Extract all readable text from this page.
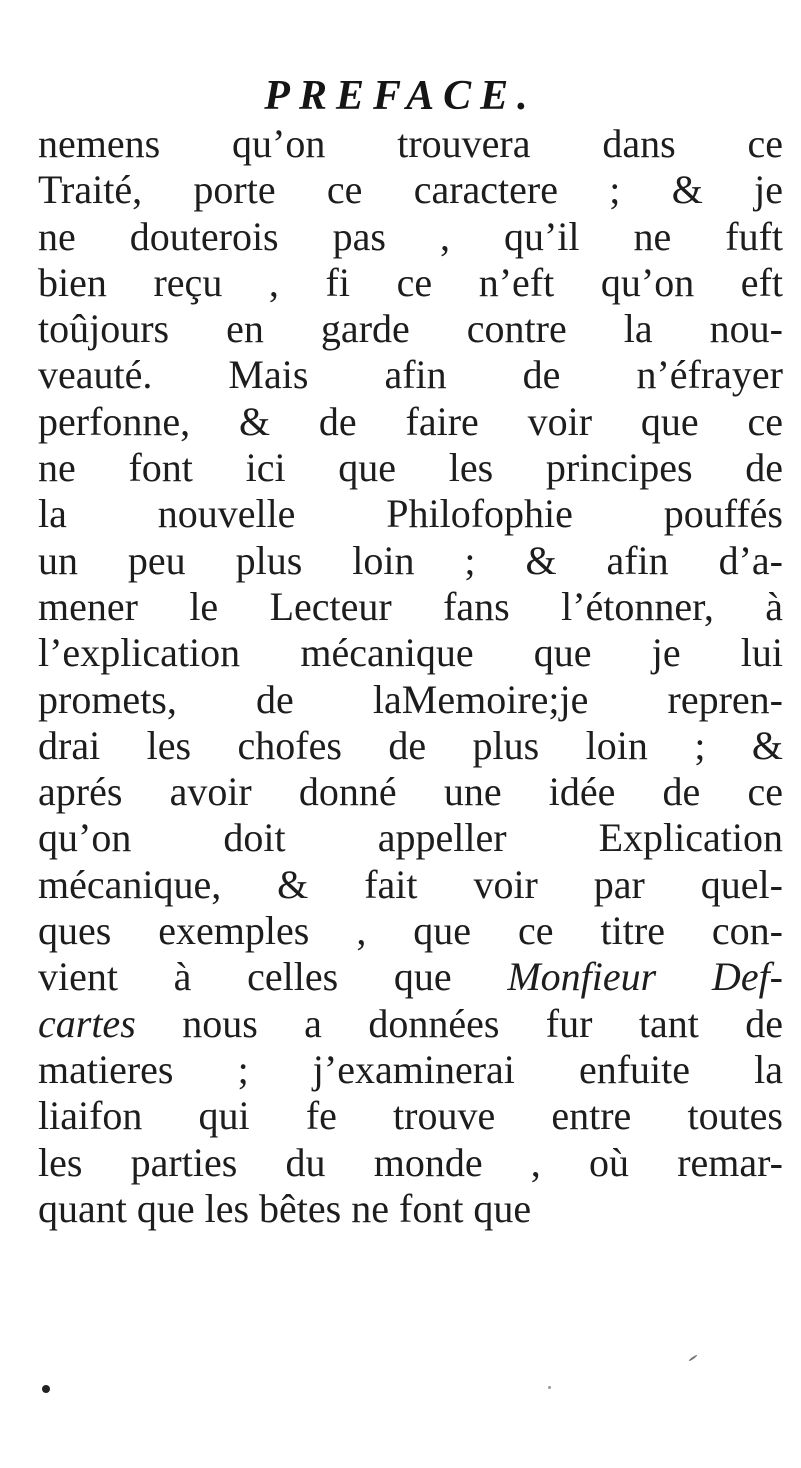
PREFACE.
nemens qu’on trouvera dans ce
Traité, porte ce caractere ; & je
ne douterois pas , qu’il ne fuft
bien reçu , fi ce n’eft qu’on eft
toûjours en garde contre la nou-
veauté. Mais afin de n’éfrayer
perfonne, & de faire voir que ce
ne font ici que les principes de
la nouvelle Philofophie pouffés
un peu plus loin ; & afin d’a-
mener le Lecteur fans l’étonner, à
l’explication mécanique que je lui
promets, de laMemoire;je repren-
drai les chofes de plus loin ; &
aprés avoir donné une idée de ce
qu’on doit appeller Explication
mécanique, & fait voir par quel-
ques exemples , que ce titre con-
vient à celles que Monfieur Def-
cartes nous a données fur tant de
matieres ; j’examinerai enfuite la
liaifon qui fe trouve entre toutes
les parties du monde , où remar-
quant que les bêtes ne font que
